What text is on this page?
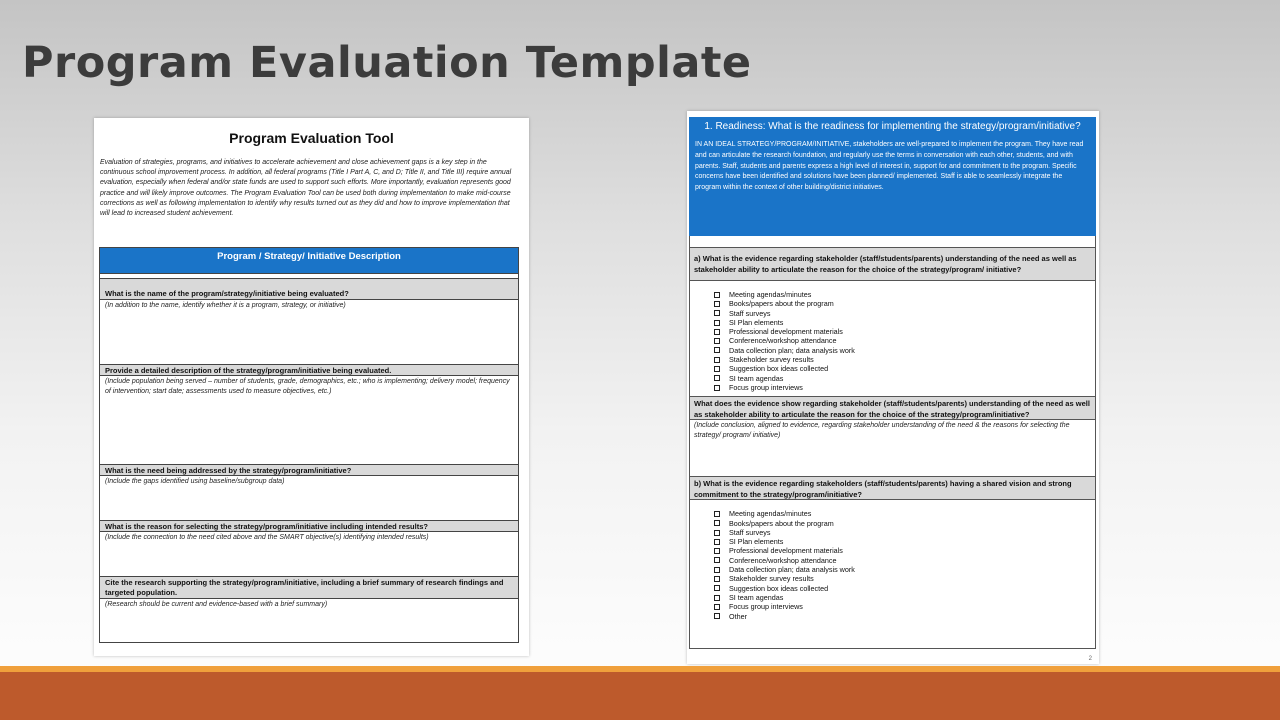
Program Evaluation Template
Program Evaluation Tool
Evaluation of strategies, programs, and initiatives to accelerate achievement and close achievement gaps is a key step in the continuous school improvement process. In addition, all federal programs (Title I Part A, C, and D; Title II, and Title III) require annual evaluation, especially when federal and/or state funds are used to support such efforts. More importantly, evaluation represents good practice and will likely improve outcomes. The Program Evaluation Tool can be used both during implementation to make mid-course corrections as well as following implementation to identify why results turned out as they did and how to improve implementation that will lead to increased student achievement.
Program / Strategy/ Initiative Description
What is the name of the program/strategy/initiative being evaluated?
(In addition to the name, identify whether it is a program, strategy, or initiative)
Provide a detailed description of the strategy/program/initiative being evaluated.
(Include population being served – number of students, grade, demographics, etc.; who is implementing; delivery model; frequency of intervention; start date; assessments used to measure objectives, etc.)
What is the need being addressed by the strategy/program/initiative?
(Include the gaps identified using baseline/subgroup data)
What is the reason for selecting the strategy/program/initiative including intended results?
(Include the connection to the need cited above and the SMART objective(s) identifying intended results)
Cite the research supporting the strategy/program/initiative, including a brief summary of research findings and targeted population.
(Research should be current and evidence-based with a brief summary)
1. Readiness: What is the readiness for implementing the strategy/program/initiative?
IN AN IDEAL STRATEGY/PROGRAM/INITIATIVE, stakeholders are well-prepared to implement the program. They have read and can articulate the research foundation, and regularly use the terms in conversation with each other, students, and with parents. Staff, students and parents express a high level of interest in, support for and commitment to the program. Specific concerns have been identified and solutions have been planned/ implemented. Staff is able to seamlessly integrate the program within the context of other building/district initiatives.
a) What is the evidence regarding stakeholder (staff/students/parents) understanding of the need as well as stakeholder ability to articulate the reason for the choice of the strategy/program/ initiative?
Meeting agendas/minutes
Books/papers about the program
Staff surveys
SI Plan elements
Professional development materials
Conference/workshop attendance
Data collection plan; data analysis work
Stakeholder survey results
Suggestion box ideas collected
SI team agendas
Focus group interviews
What does the evidence show regarding stakeholder (staff/students/parents) understanding of the need as well as stakeholder ability to articulate the reason for the choice of the strategy/program/initiative?
(Include conclusion, aligned to evidence, regarding stakeholder understanding of the need & the reasons for selecting the strategy/ program/ initiative)
b) What is the evidence regarding stakeholders (staff/students/parents) having a shared vision and strong commitment to the strategy/program/initiative?
Meeting agendas/minutes
Books/papers about the program
Staff surveys
SI Plan elements
Professional development materials
Conference/workshop attendance
Data collection plan; data analysis work
Stakeholder survey results
Suggestion box ideas collected
SI team agendas
Focus group interviews
Other
2
